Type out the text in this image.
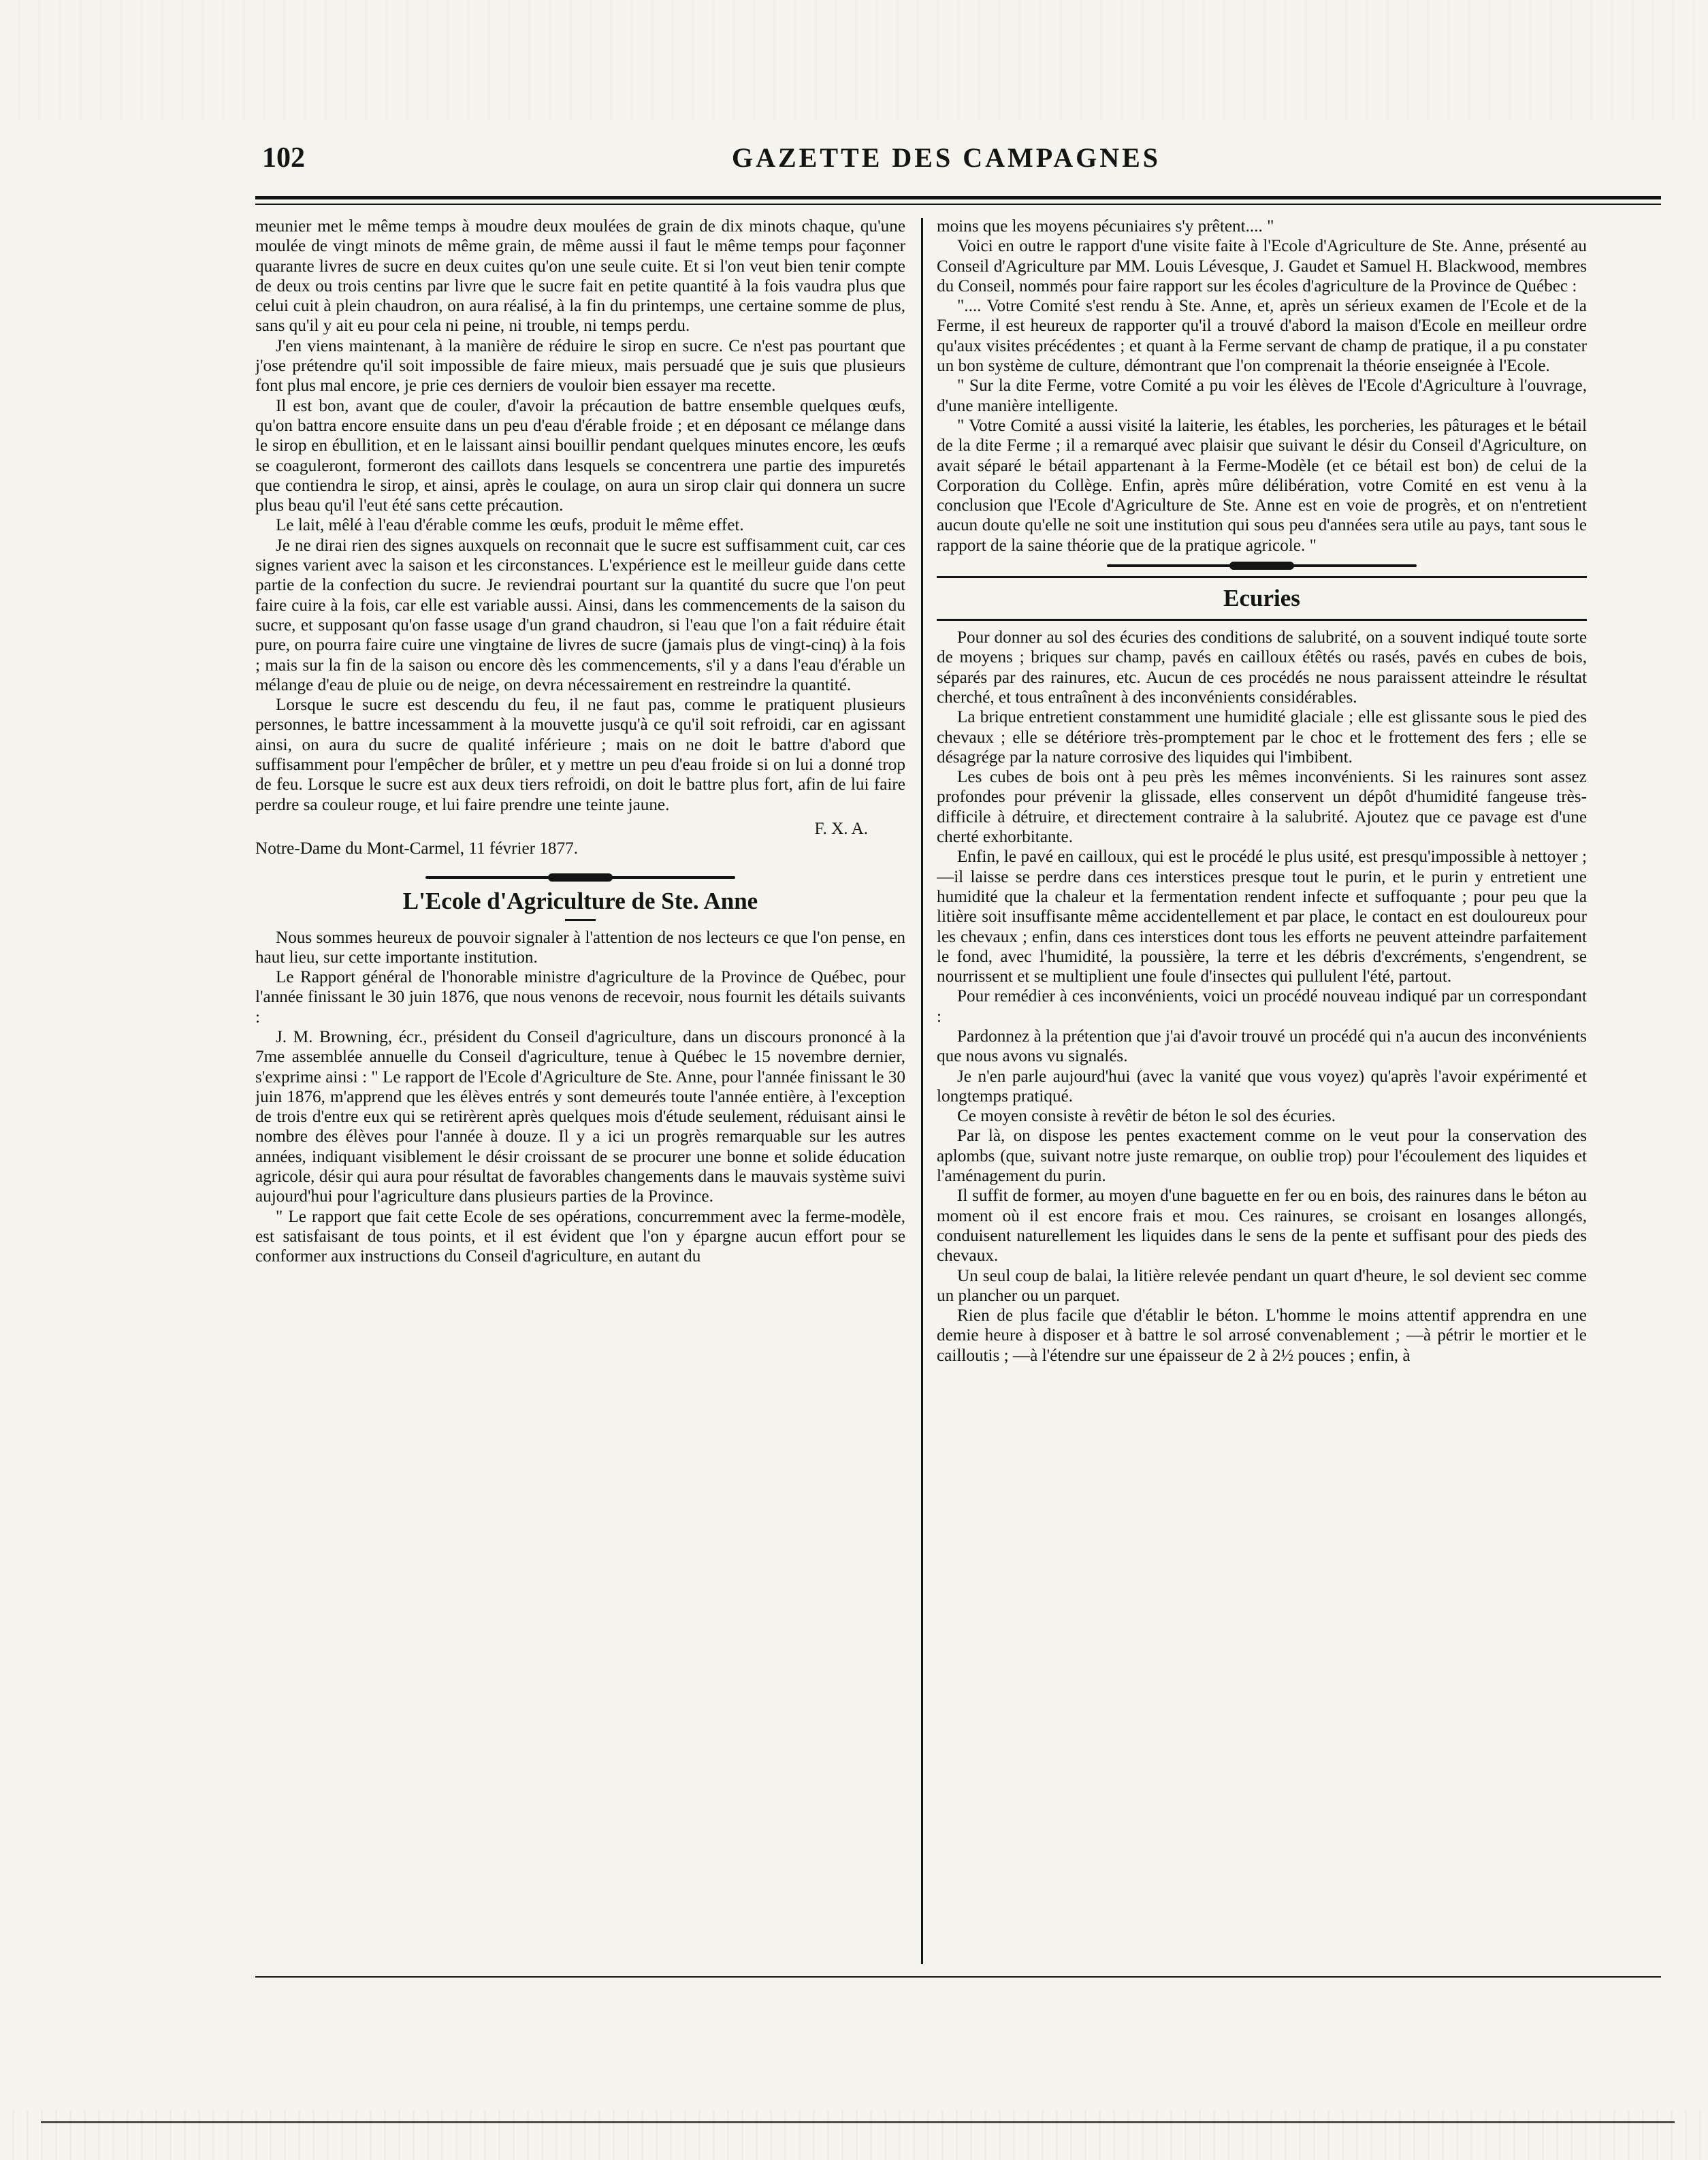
102	GAZETTE DES CAMPAGNES

meunier met le même temps à moudre deux moulées de grain de dix minots chaque, qu'une moulée de vingt minots de même grain, de même aussi il faut le même temps pour façonner quarante livres de sucre en deux cuites qu'on une seule cuite. Et si l'on veut bien tenir compte de deux ou trois centins par livre que le sucre fait en petite quantité à la fois vaudra plus que celui cuit à plein chaudron, on aura réalisé, à la fin du printemps, une certaine somme de plus, sans qu'il y ait eu pour cela ni peine, ni trouble, ni temps perdu.

J'en viens maintenant, à la manière de réduire le sirop en sucre. Ce n'est pas pourtant que j'ose prétendre qu'il soit impossible de faire mieux, mais persuadé que je suis que plusieurs font plus mal encore, je prie ces derniers de vouloir bien essayer ma recette.

Il est bon, avant que de couler, d'avoir la précaution de battre ensemble quelques œufs, qu'on battra encore ensuite dans un peu d'eau d'érable froide ; et en déposant ce mélange dans le sirop en ébullition, et en le laissant ainsi bouillir pendant quelques minutes encore, les œufs se coaguleront, formeront des caillots dans lesquels se concentrera une partie des impuretés que contiendra le sirop, et ainsi, après le coulage, on aura un sirop clair qui donnera un sucre plus beau qu'il l'eut été sans cette précaution.

Le lait, mêlé à l'eau d'érable comme les œufs, produit le même effet.

Je ne dirai rien des signes auxquels on reconnait que le sucre est suffisamment cuit, car ces signes varient avec la saison et les circonstances. L'expérience est le meilleur guide dans cette partie de la confection du sucre. Je reviendrai pourtant sur la quantité du sucre que l'on peut faire cuire à la fois, car elle est variable aussi. Ainsi, dans les commencements de la saison du sucre, et supposant qu'on fasse usage d'un grand chaudron, si l'eau que l'on a fait réduire était pure, on pourra faire cuire une vingtaine de livres de sucre (jamais plus de vingt-cinq) à la fois ; mais sur la fin de la saison ou encore dès les commencements, s'il y a dans l'eau d'érable un mélange d'eau de pluie ou de neige, on devra nécessairement en restreindre la quantité.

Lorsque le sucre est descendu du feu, il ne faut pas, comme le pratiquent plusieurs personnes, le battre incessamment à la mouvette jusqu'à ce qu'il soit refroidi, car en agissant ainsi, on aura du sucre de qualité inférieure ; mais on ne doit le battre d'abord que suffisamment pour l'empêcher de brûler, et y mettre un peu d'eau froide si on lui a donné trop de feu. Lorsque le sucre est aux deux tiers refroidi, on doit le battre plus fort, afin de lui faire perdre sa couleur rouge, et lui faire prendre une teinte jaune.

F. X. A.

Notre-Dame du Mont-Carmel, 11 février 1877.

L'Ecole d'Agriculture de Ste. Anne

Nous sommes heureux de pouvoir signaler à l'attention de nos lecteurs ce que l'on pense, en haut lieu, sur cette importante institution.

Le Rapport général de l'honorable ministre d'agriculture de la Province de Québec, pour l'année finissant le 30 juin 1876, que nous venons de recevoir, nous fournit les détails suivants :

J. M. Browning, écr., président du Conseil d'agriculture, dans un discours prononcé à la 7me assemblée annuelle du Conseil d'agriculture, tenue à Québec le 15 novembre dernier, s'exprime ainsi : " Le rapport de l'Ecole d'Agriculture de Ste. Anne, pour l'année finissant le 30 juin 1876, m'apprend que les élèves entrés y sont demeurés toute l'année entière, à l'exception de trois d'entre eux qui se retirèrent après quelques mois d'étude seulement, réduisant ainsi le nombre des élèves pour l'année à douze. Il y a ici un progrès remarquable sur les autres années, indiquant visiblement le désir croissant de se procurer une bonne et solide éducation agricole, désir qui aura pour résultat de favorables changements dans le mauvais système suivi aujourd'hui pour l'agriculture dans plusieurs parties de la Province.

" Le rapport que fait cette Ecole de ses opérations, concurremment avec la ferme-modèle, est satisfaisant de tous points, et il est évident que l'on y épargne aucun effort pour se conformer aux instructions du Conseil d'agriculture, en autant du

moins que les moyens pécuniaires s'y prêtent.... "

Voici en outre le rapport d'une visite faite à l'Ecole d'Agriculture de Ste. Anne, présenté au Conseil d'Agriculture par MM. Louis Lévesque, J. Gaudet et Samuel H. Blackwood, membres du Conseil, nommés pour faire rapport sur les écoles d'agriculture de la Province de Québec :

".... Votre Comité s'est rendu à Ste. Anne, et, après un sérieux examen de l'Ecole et de la Ferme, il est heureux de rapporter qu'il a trouvé d'abord la maison d'Ecole en meilleur ordre qu'aux visites précédentes ; et quant à la Ferme servant de champ de pratique, il a pu constater un bon système de culture, démontrant que l'on comprenait la théorie enseignée à l'Ecole.

" Sur la dite Ferme, votre Comité a pu voir les élèves de l'Ecole d'Agriculture à l'ouvrage, d'une manière intelligente.

" Votre Comité a aussi visité la laiterie, les étables, les porcheries, les pâturages et le bétail de la dite Ferme ; il a remarqué avec plaisir que suivant le désir du Conseil d'Agriculture, on avait séparé le bétail appartenant à la Ferme-Modèle (et ce bétail est bon) de celui de la Corporation du Collège. Enfin, après mûre délibération, votre Comité en est venu à la conclusion que l'Ecole d'Agriculture de Ste. Anne est en voie de progrès, et on n'entretient aucun doute qu'elle ne soit une institution qui sous peu d'années sera utile au pays, tant sous le rapport de la saine théorie que de la pratique agricole. "

Ecuries

Pour donner au sol des écuries des conditions de salubrité, on a souvent indiqué toute sorte de moyens ; briques sur champ, pavés en cailloux étêtés ou rasés, pavés en cubes de bois, séparés par des rainures, etc. Aucun de ces procédés ne nous paraissent atteindre le résultat cherché, et tous entraînent à des inconvénients considérables.

La brique entretient constamment une humidité glaciale ; elle est glissante sous le pied des chevaux ; elle se détériore très-promptement par le choc et le frottement des fers ; elle se désagrége par la nature corrosive des liquides qui l'imbibent.

Les cubes de bois ont à peu près les mêmes inconvénients. Si les rainures sont assez profondes pour prévenir la glissade, elles conservent un dépôt d'humidité fangeuse très-difficile à détruire, et directement contraire à la salubrité. Ajoutez que ce pavage est d'une cherté exhorbitante.

Enfin, le pavé en cailloux, qui est le procédé le plus usité, est presqu'impossible à nettoyer ; —il laisse se perdre dans ces interstices presque tout le purin, et le purin y entretient une humidité que la chaleur et la fermentation rendent infecte et suffoquante ; pour peu que la litière soit insuffisante même accidentellement et par place, le contact en est douloureux pour les chevaux ; enfin, dans ces interstices dont tous les efforts ne peuvent atteindre parfaitement le fond, avec l'humidité, la poussière, la terre et les débris d'excréments, s'engendrent, se nourrissent et se multiplient une foule d'insectes qui pullulent l'été, partout.

Pour remédier à ces inconvénients, voici un procédé nouveau indiqué par un correspondant :

Pardonnez à la prétention que j'ai d'avoir trouvé un procédé qui n'a aucun des inconvénients que nous avons vu signalés.

Je n'en parle aujourd'hui (avec la vanité que vous voyez) qu'après l'avoir expérimenté et longtemps pratiqué.

Ce moyen consiste à revêtir de béton le sol des écuries.

Par là, on dispose les pentes exactement comme on le veut pour la conservation des aplombs (que, suivant notre juste remarque, on oublie trop) pour l'écoulement des liquides et l'aménagement du purin.

Il suffit de former, au moyen d'une baguette en fer ou en bois, des rainures dans le béton au moment où il est encore frais et mou. Ces rainures, se croisant en losanges allongés, conduisent naturellement les liquides dans le sens de la pente et suffisant pour des pieds des chevaux.

Un seul coup de balai, la litière relevée pendant un quart d'heure, le sol devient sec comme un plancher ou un parquet.

Rien de plus facile que d'établir le béton. L'homme le moins attentif apprendra en une demie heure à disposer et à battre le sol arrosé convenablement ; —à pétrir le mortier et le cailloutis ; —à l'étendre sur une épaisseur de 2 à 2½ pouces ; enfin, à
